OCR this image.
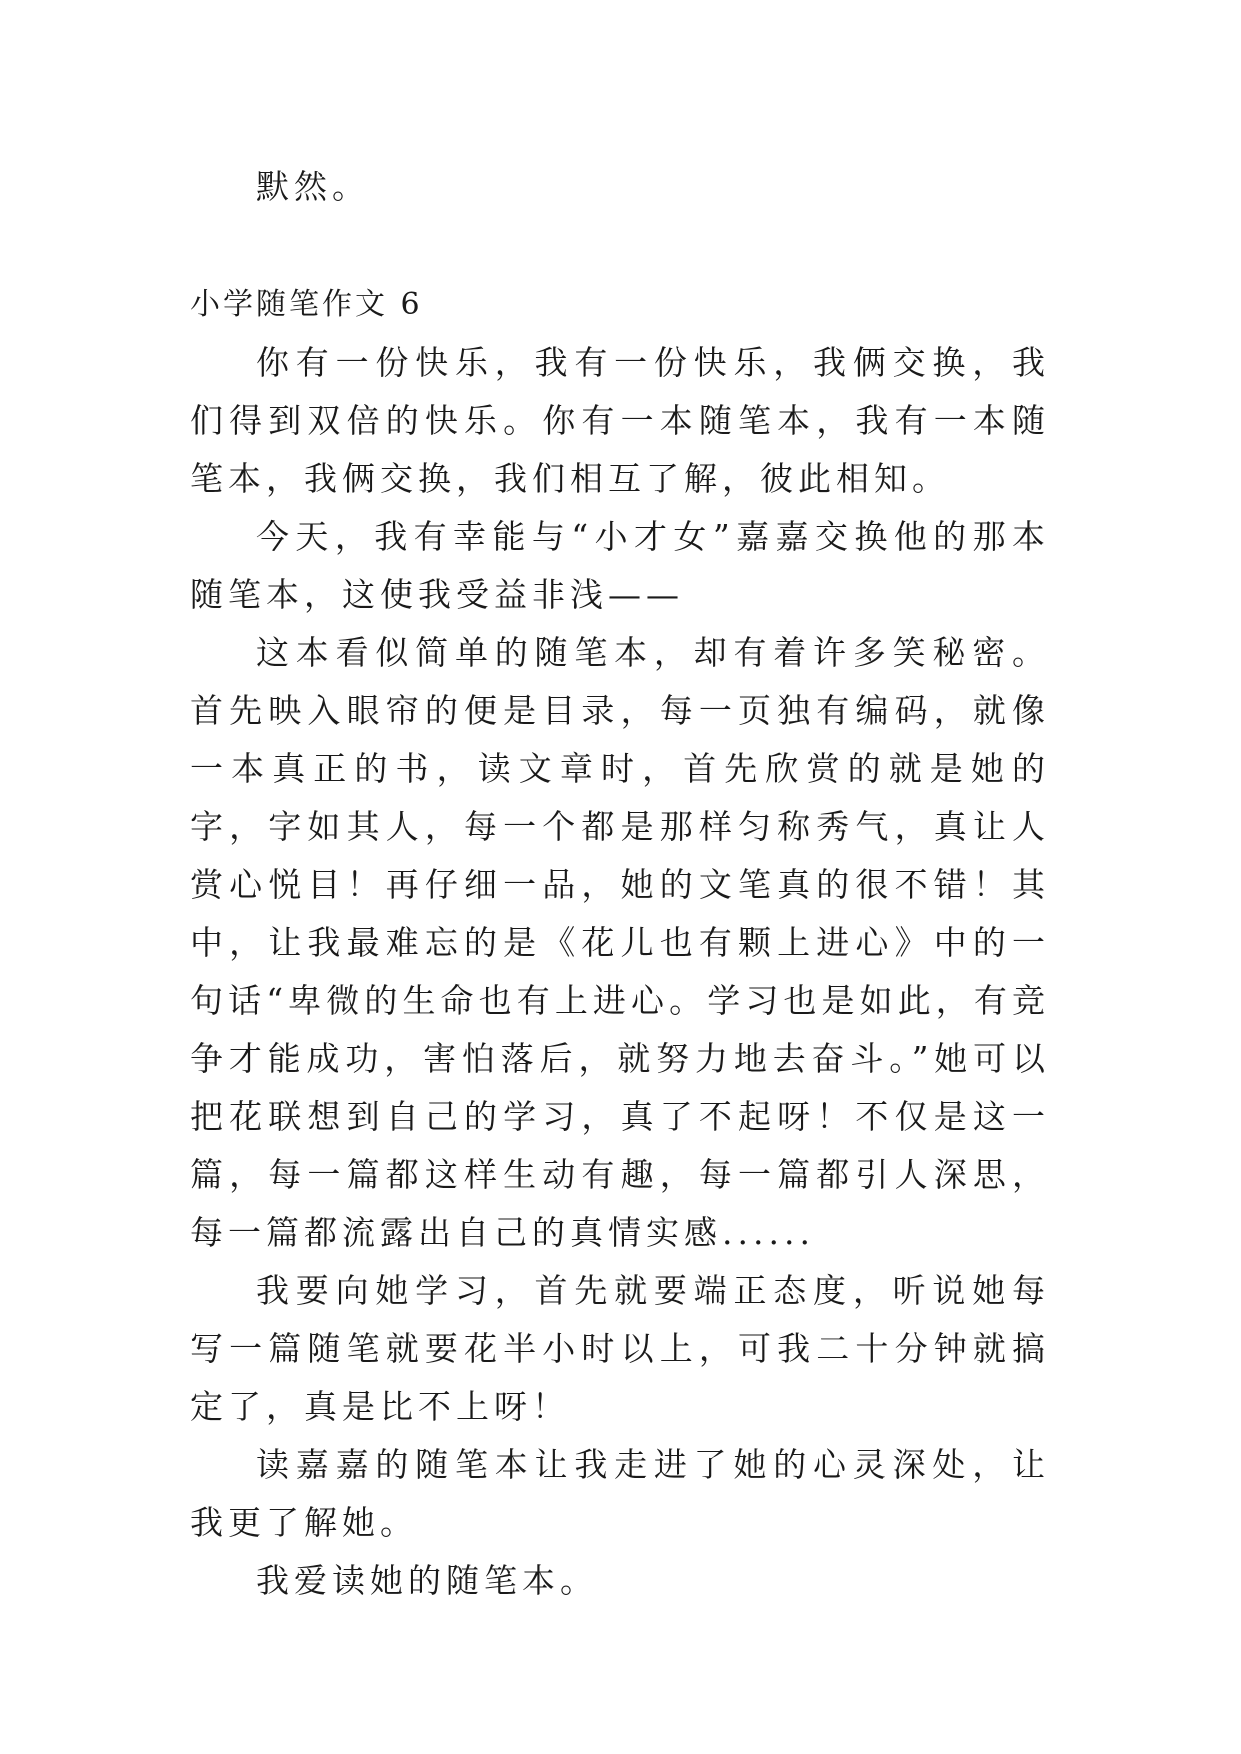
默然。

小学随笔作文 6

你有一份快乐，我有一份快乐，我俩交换，我们得到双倍的快乐。你有一本随笔本，我有一本随笔本，我俩交换，我们相互了解，彼此相知。

今天，我有幸能与“小才女”嘉嘉交换他的那本随笔本，这使我受益非浅——

这本看似简单的随笔本，却有着许多笑秘密。首先映入眼帘的便是目录，每一页独有编码，就像一本真正的书，读文章时，首先欣赏的就是她的字，字如其人，每一个都是那样匀称秀气，真让人赏心悦目！再仔细一品，她的文笔真的很不错！其中，让我最难忘的是《花儿也有颗上进心》中的一句话“卑微的生命也有上进心。学习也是如此，有竞争才能成功，害怕落后，就努力地去奋斗。”她可以把花联想到自己的学习，真了不起呀！不仅是这一篇，每一篇都这样生动有趣，每一篇都引人深思，每一篇都流露出自己的真情实感......

我要向她学习，首先就要端正态度，听说她每写一篇随笔就要花半小时以上，可我二十分钟就搞定了，真是比不上呀！

读嘉嘉的随笔本让我走进了她的心灵深处，让我更了解她。

我爱读她的随笔本。
